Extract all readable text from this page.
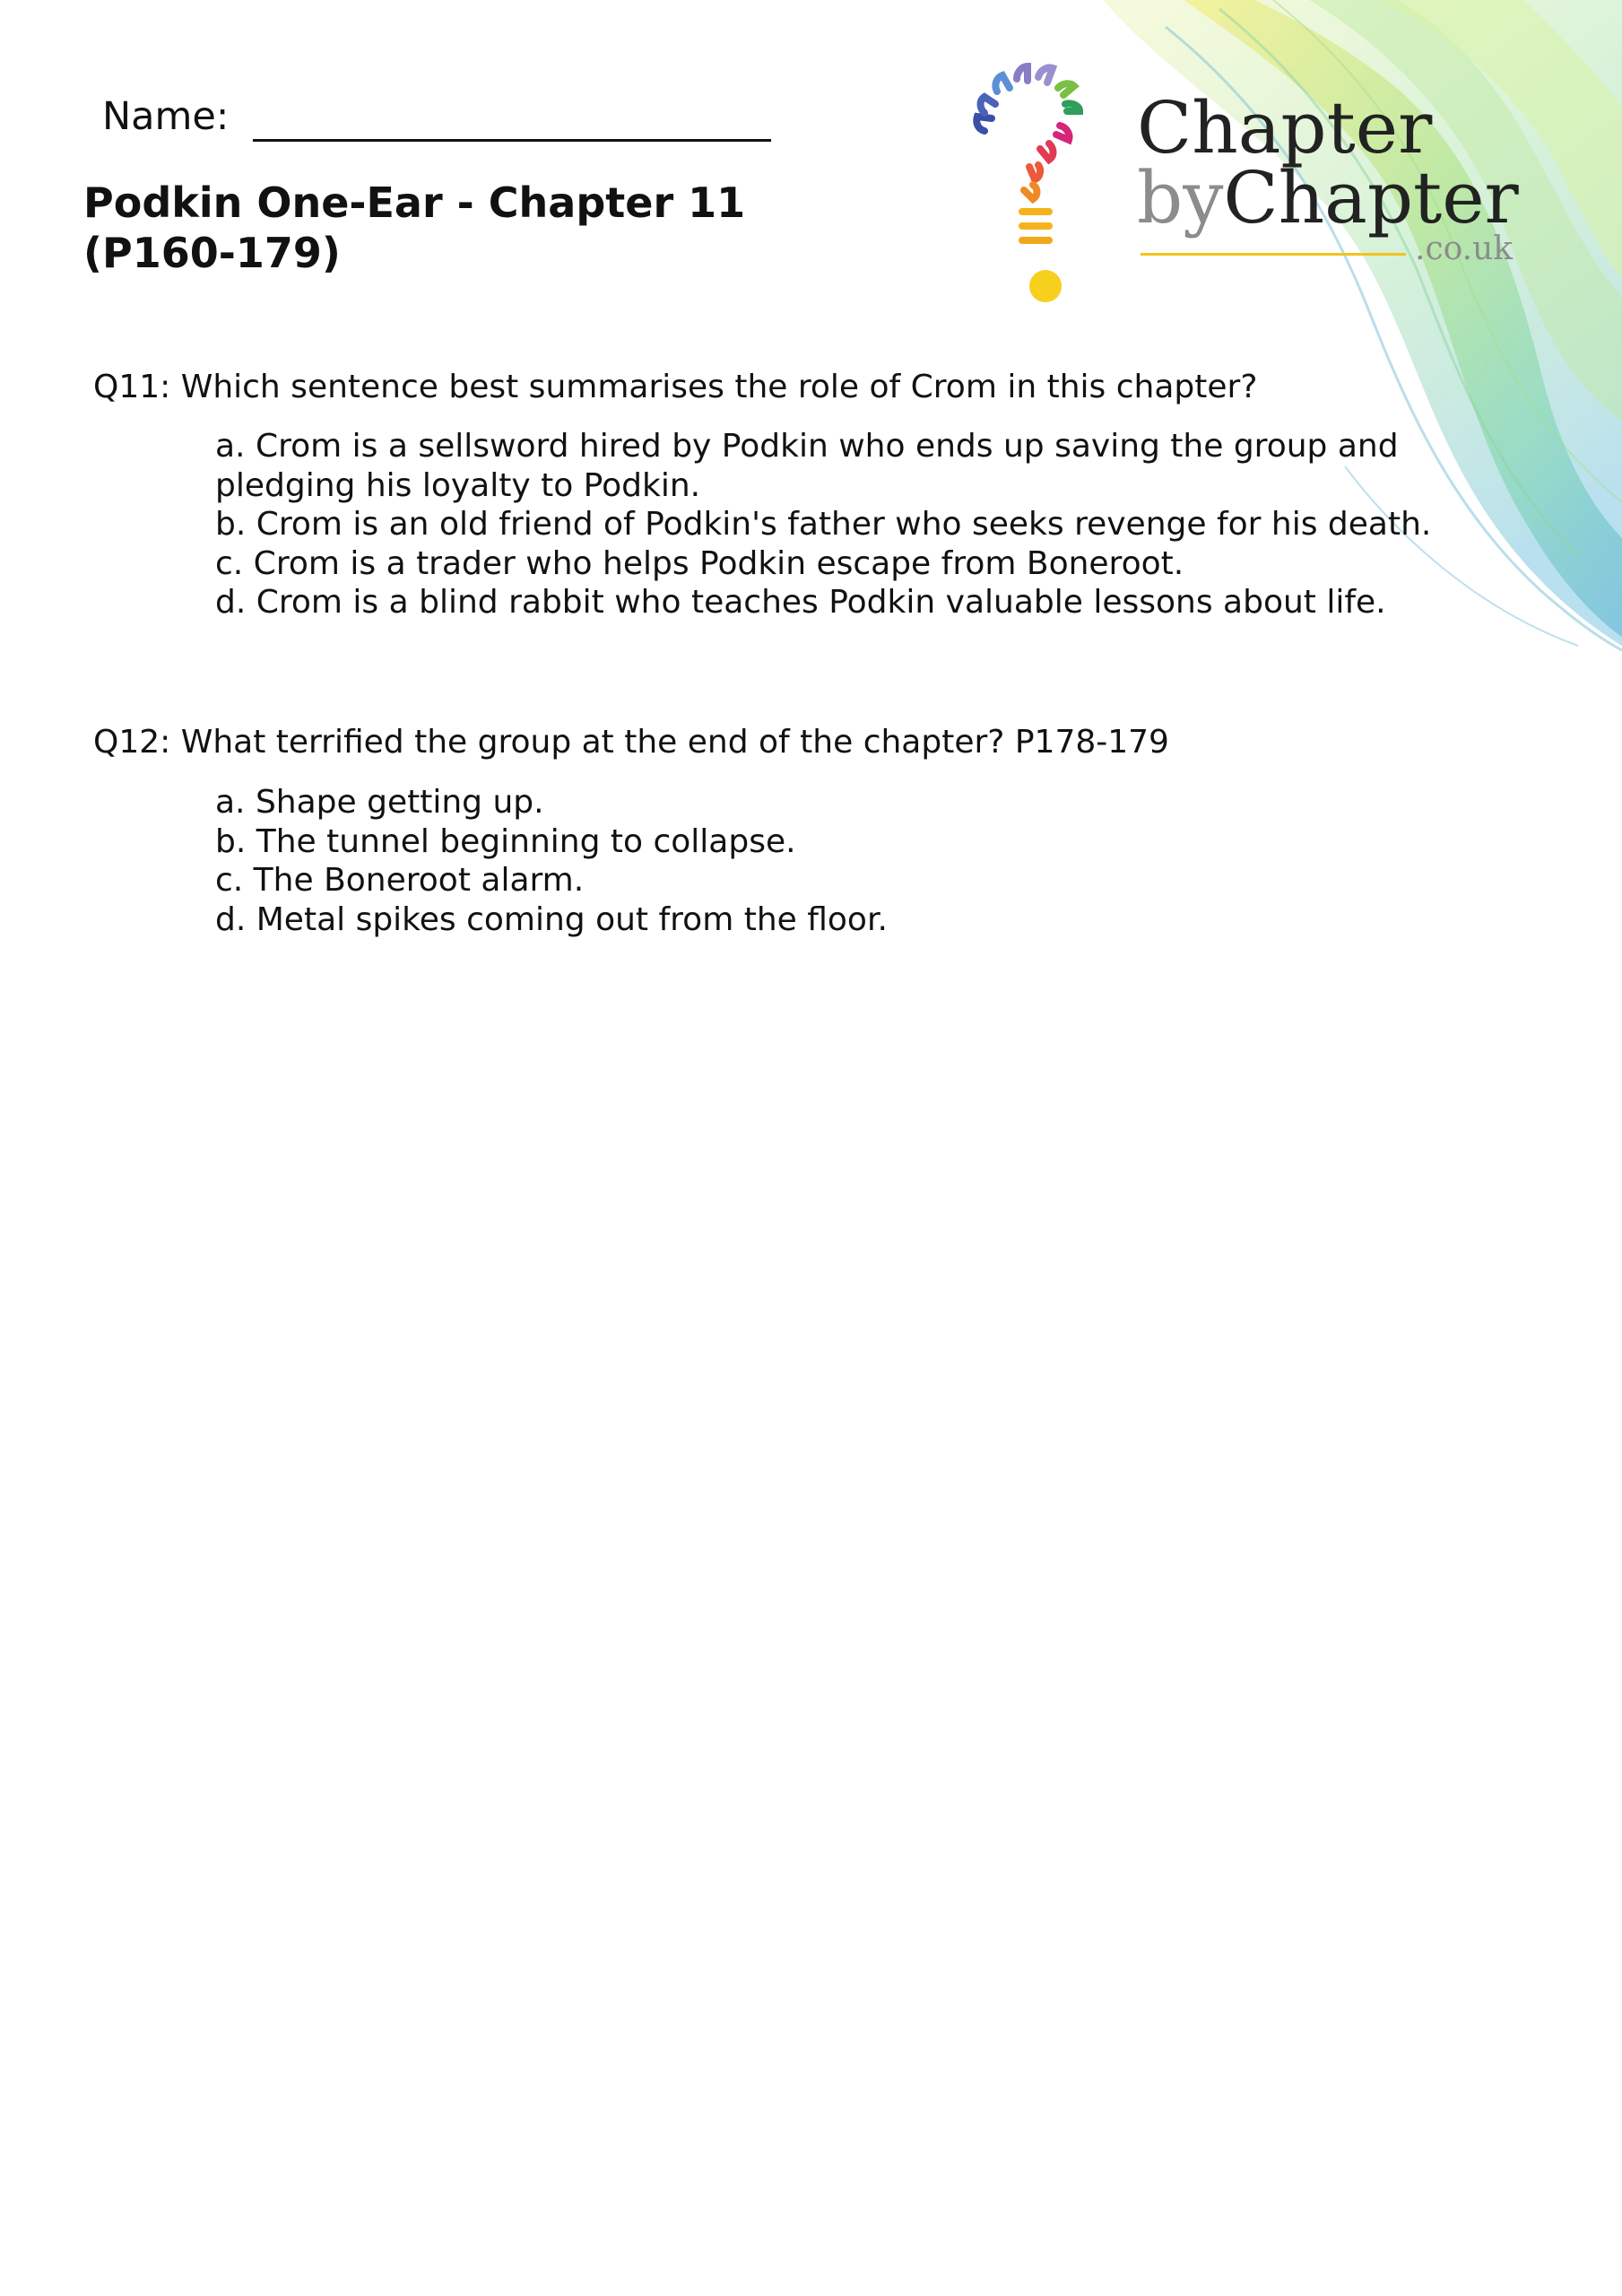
Name:
Podkin One-Ear - Chapter 11
(P160-179)
Chapter
byChapter
.co.uk
Q11: Which sentence best summarises the role of Crom in this chapter?

a. Crom is a sellsword hired by Podkin who ends up saving the group and pledging his loyalty to Podkin.

b. Crom is an old friend of Podkin's father who seeks revenge for his death.

c. Crom is a trader who helps Podkin escape from Boneroot.

d. Crom is a blind rabbit who teaches Podkin valuable lessons about life.

Q12: What terrified the group at the end of the chapter? P178-179

a. Shape getting up.

b. The tunnel beginning to collapse.

c. The Boneroot alarm.

d. Metal spikes coming out from the floor.
